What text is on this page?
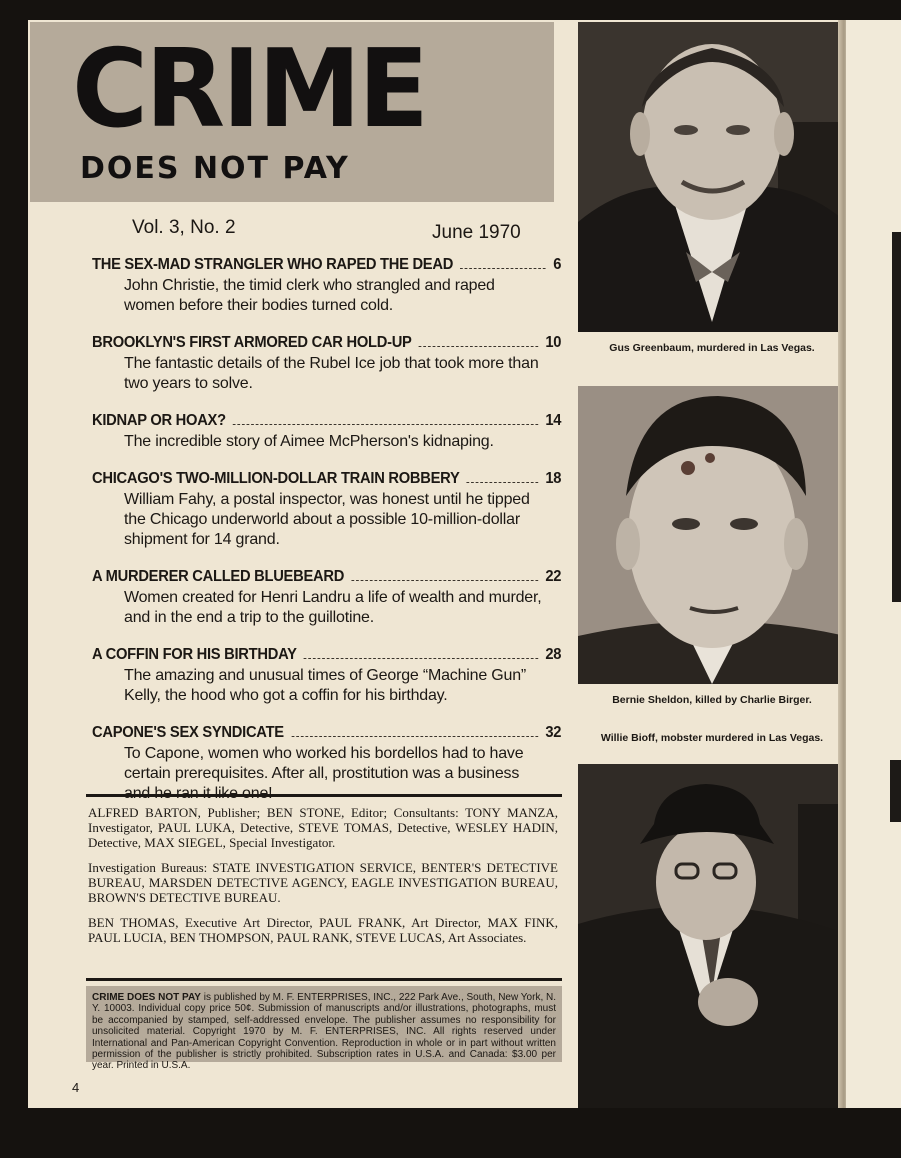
CRIME
DOES NOT PAY
Vol. 3, No. 2	June 1970
THE SEX-MAD STRANGLER WHO RAPED THE DEAD	6
John Christie, the timid clerk who strangled and raped women before their bodies turned cold.
BROOKLYN'S FIRST ARMORED CAR HOLD-UP	10
The fantastic details of the Rubel Ice job that took more than two years to solve.
KIDNAP OR HOAX?	14
The incredible story of Aimee McPherson's kidnaping.
CHICAGO'S TWO-MILLION-DOLLAR TRAIN ROBBERY	18
William Fahy, a postal inspector, was honest until he tipped the Chicago underworld about a possible 10-million-dollar shipment for 14 grand.
A MURDERER CALLED BLUEBEARD	22
Women created for Henri Landru a life of wealth and murder, and in the end a trip to the guillotine.
A COFFIN FOR HIS BIRTHDAY	28
The amazing and unusual times of George “Machine Gun” Kelly, the hood who got a coffin for his birthday.
CAPONE'S SEX SYNDICATE	32
To Capone, women who worked his bordellos had to have certain prerequisites. After all, prostitution was a business

ALFRED BARTON, Publisher; BEN STONE, Editor; Consultants: TONY MANZA, Investigator, PAUL LUKA, Detective, STEVE TOMAS, Detective, WESLEY HADIN, Detective, MAX SIEGEL, Special Investigator.

Investigation Bureaus: STATE INVESTIGATION SERVICE, BENTER'S DETECTIVE BUREAU, MARSDEN DETECTIVE AGENCY, EAGLE INVESTIGATION BUREAU, BROWN'S DETECTIVE BUREAU.

BEN THOMAS, Executive Art Director, PAUL FRANK, Art Director, MAX FINK, PAUL LUCIA, BEN THOMPSON, PAUL RANK, STEVE LUCAS, Art Associates.

CRIME DOES NOT PAY is published by M. F. ENTERPRISES, INC., 222 Park Ave., South, New York, N. Y. 10003. Individual copy price 50¢. Submission of manuscripts and/or illustrations, photographs, must be accompanied by stamped, self-addressed envelope. The publisher assumes no responsibility for unsolicited material. Copyright 1970 by M. F. ENTERPRISES, INC. All rights reserved under International and Pan-American Copyright Convention. Reproduction in whole or in part without written permission of the publisher is strictly prohibited. Subscription rates in U.S.A. and Canada: $3.00 per year. Printed in U.S.A.
4
Gus Greenbaum, murdered in Las Vegas.
Bernie Sheldon, killed by Charlie Birger.
Willie Bioff, mobster murdered in Las Vegas.
